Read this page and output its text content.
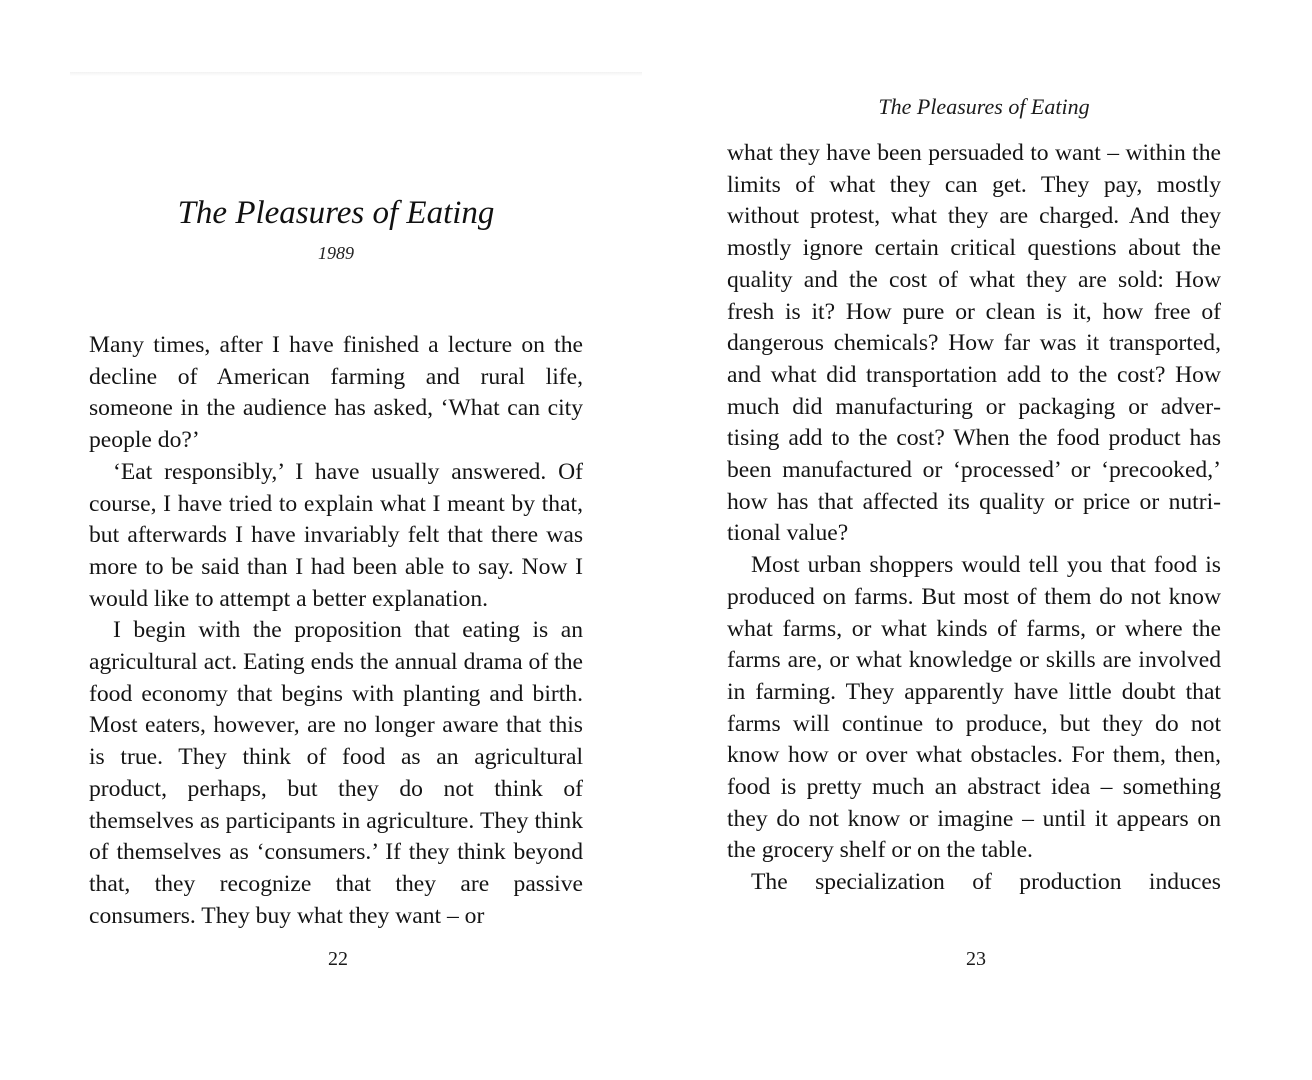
The Pleasures of Eating
1989

Many times, after I have finished a lecture on the decline of American farming and rural life, someone in the audience has asked, ‘What can city people do?’

‘Eat responsibly,’ I have usually answered. Of course, I have tried to explain what I meant by that, but afterwards I have invariably felt that there was more to be said than I had been able to say. Now I would like to attempt a better explanation.

I begin with the proposition that eating is an agricultural act. Eating ends the annual drama of the food economy that begins with planting and birth. Most eaters, however, are no longer aware that this is true. They think of food as an agricultural product, perhaps, but they do not think of themselves as participants in agriculture. They think of themselves as ‘consumers.’ If they think beyond that, they recognize that they are passive consumers. They buy what they want – or

22
The Pleasures of Eating

what they have been persuaded to want – within the limits of what they can get. They pay, mostly without protest, what they are charged. And they mostly ignore certain critical questions about the quality and the cost of what they are sold: How fresh is it? How pure or clean is it, how free of dangerous chemicals? How far was it transported, and what did transportation add to the cost? How much did manufacturing or packaging or advertising add to the cost? When the food product has been manufactured or ‘processed’ or ‘precooked,’ how has that affected its quality or price or nutritional value?

Most urban shoppers would tell you that food is produced on farms. But most of them do not know what farms, or what kinds of farms, or where the farms are, or what knowledge or skills are involved in farming. They apparently have little doubt that farms will continue to produce, but they do not know how or over what obstacles. For them, then, food is pretty much an abstract idea – something they do not know or imagine – until it appears on the grocery shelf or on the table.

The specialization of production induces

23
